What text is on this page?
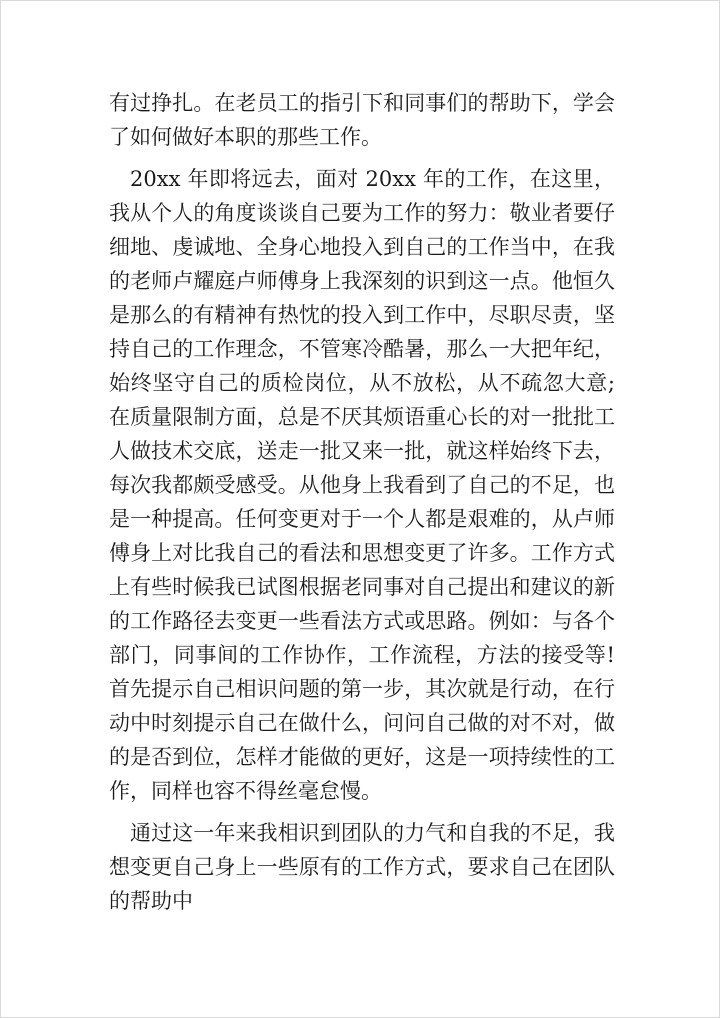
有过挣扎。在老员工的指引下和同事们的帮助下，学会了如何做好本职的那些工作。

20xx 年即将远去，面对 20xx 年的工作，在这里，我从个人的角度谈谈自己要为工作的努力：敬业者要仔细地、虔诚地、全身心地投入到自己的工作当中，在我的老师卢耀庭卢师傅身上我深刻的识到这一点。他恒久是那么的有精神有热忱的投入到工作中，尽职尽责，坚持自己的工作理念，不管寒冷酷暑，那么一大把年纪，始终坚守自己的质检岗位，从不放松，从不疏忽大意;在质量限制方面，总是不厌其烦语重心长的对一批批工人做技术交底，送走一批又来一批，就这样始终下去，每次我都颇受感受。从他身上我看到了自己的不足，也是一种提高。任何变更对于一个人都是艰难的，从卢师傅身上对比我自己的看法和思想变更了许多。工作方式上有些时候我已试图根据老同事对自己提出和建议的新的工作路径去变更一些看法方式或思路。例如：与各个部门，同事间的工作协作，工作流程，方法的接受等!首先提示自己相识问题的第一步，其次就是行动，在行动中时刻提示自己在做什么，问问自己做的对不对，做的是否到位，怎样才能做的更好，这是一项持续性的工作，同样也容不得丝毫怠慢。

通过这一年来我相识到团队的力气和自我的不足，我想变更自己身上一些原有的工作方式，要求自己在团队的帮助中
